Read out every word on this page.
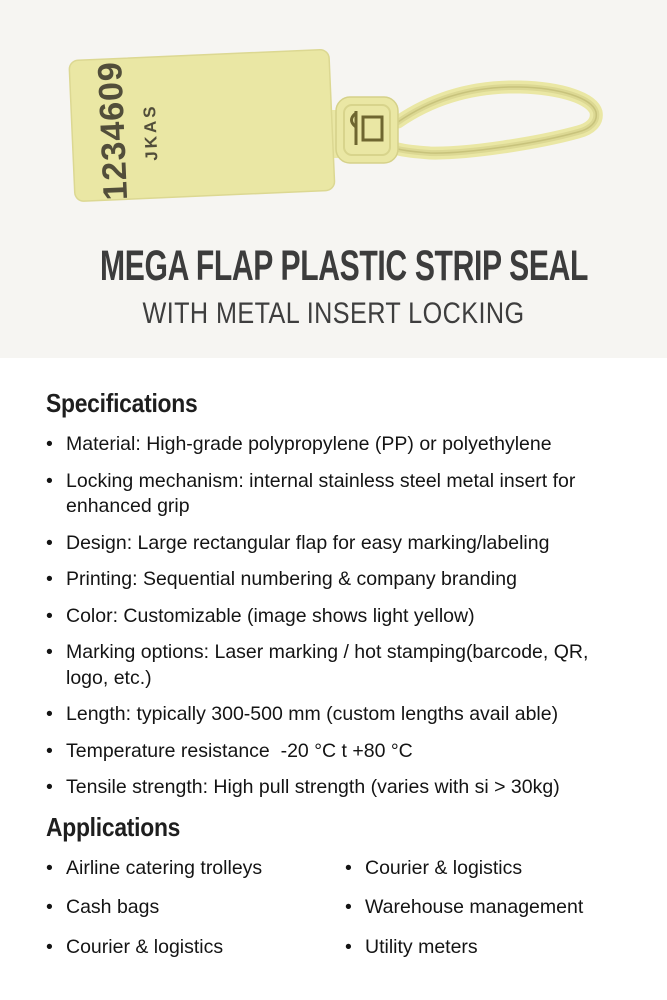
1234609 JKAS
MEGA FLAP PLASTIC STRIP SEAL
WITH METAL INSERT LOCKING
Specifications
• Material: High-grade polypropylene (PP) or polyethylene
• Locking mechanism: internal stainless steel metal insert for enhanced grip
• Design: Large rectangular flap for easy marking/labeling
• Printing: Sequential numbering & company branding
• Color: Customizable (image shows light yellow)
• Marking options: Laser marking / hot stamping(barcode, QR, logo, etc.)
• Length: typically 300-500 mm (custom lengths avail able)
• Temperature resistance  -20 °C t +80 °C
• Tensile strength: High pull strength (varies with si > 30kg)
Applications
• Airline catering trolleys
• Cash bags
• Courier & logistics
• Courier & logistics
• Warehouse management
• Utility meters
